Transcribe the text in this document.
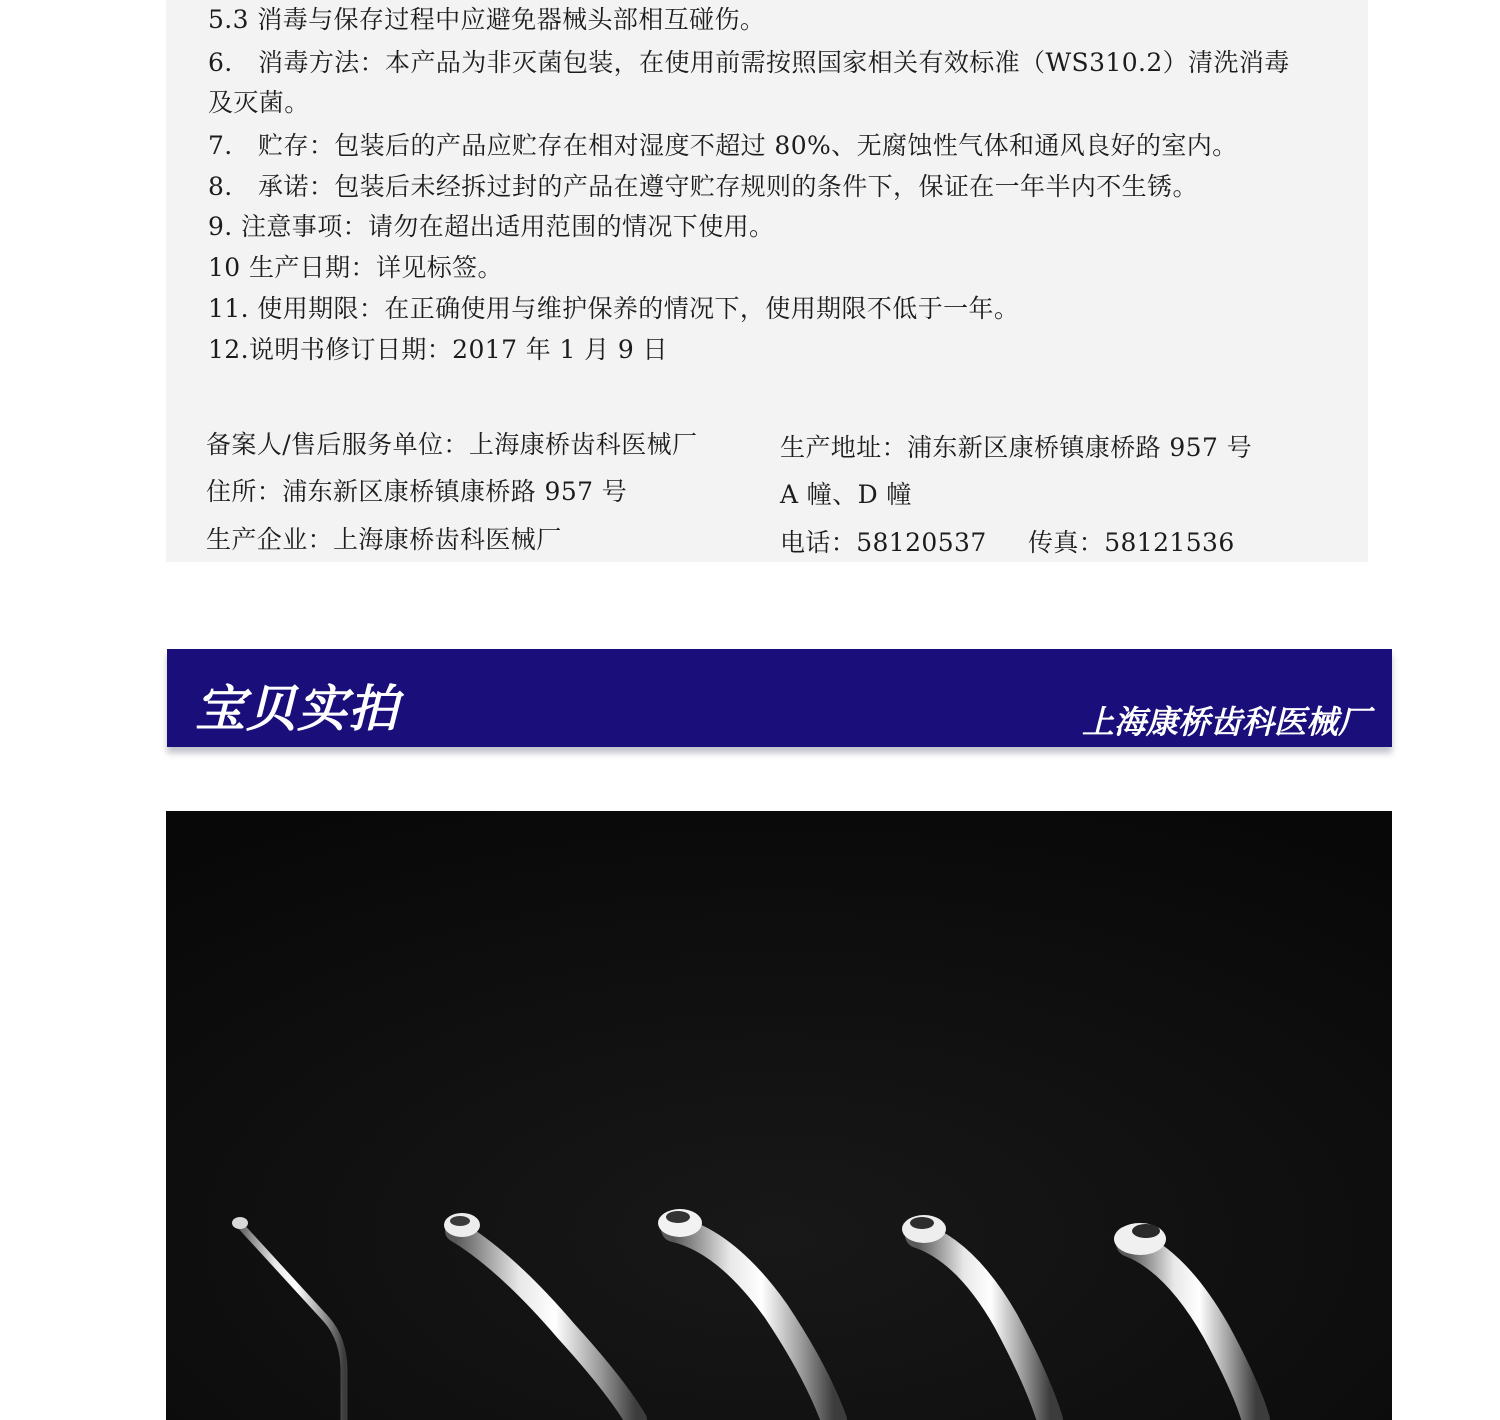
5.3 消毒与保存过程中应避免器械头部相互碰伤。
6.　消毒方法：本产品为非灭菌包装，在使用前需按照国家相关有效标准（WS310.2）清洗消毒
及灭菌。
7.　贮存：包装后的产品应贮存在相对湿度不超过 80%、无腐蚀性气体和通风良好的室内。
8.　承诺：包装后未经拆过封的产品在遵守贮存规则的条件下，保证在一年半内不生锈。
9. 注意事项：请勿在超出适用范围的情况下使用。
10 生产日期：详见标签。
11. 使用期限：在正确使用与维护保养的情况下，使用期限不低于一年。
12.说明书修订日期：2017 年 1 月 9 日
备案人/售后服务单位：上海康桥齿科医械厂
住所：浦东新区康桥镇康桥路 957 号
生产企业：上海康桥齿科医械厂
生产地址：浦东新区康桥镇康桥路 957 号
A 幢、D 幢
电话：58120537 传真：58121536
宝贝实拍	上海康桥齿科医械厂
